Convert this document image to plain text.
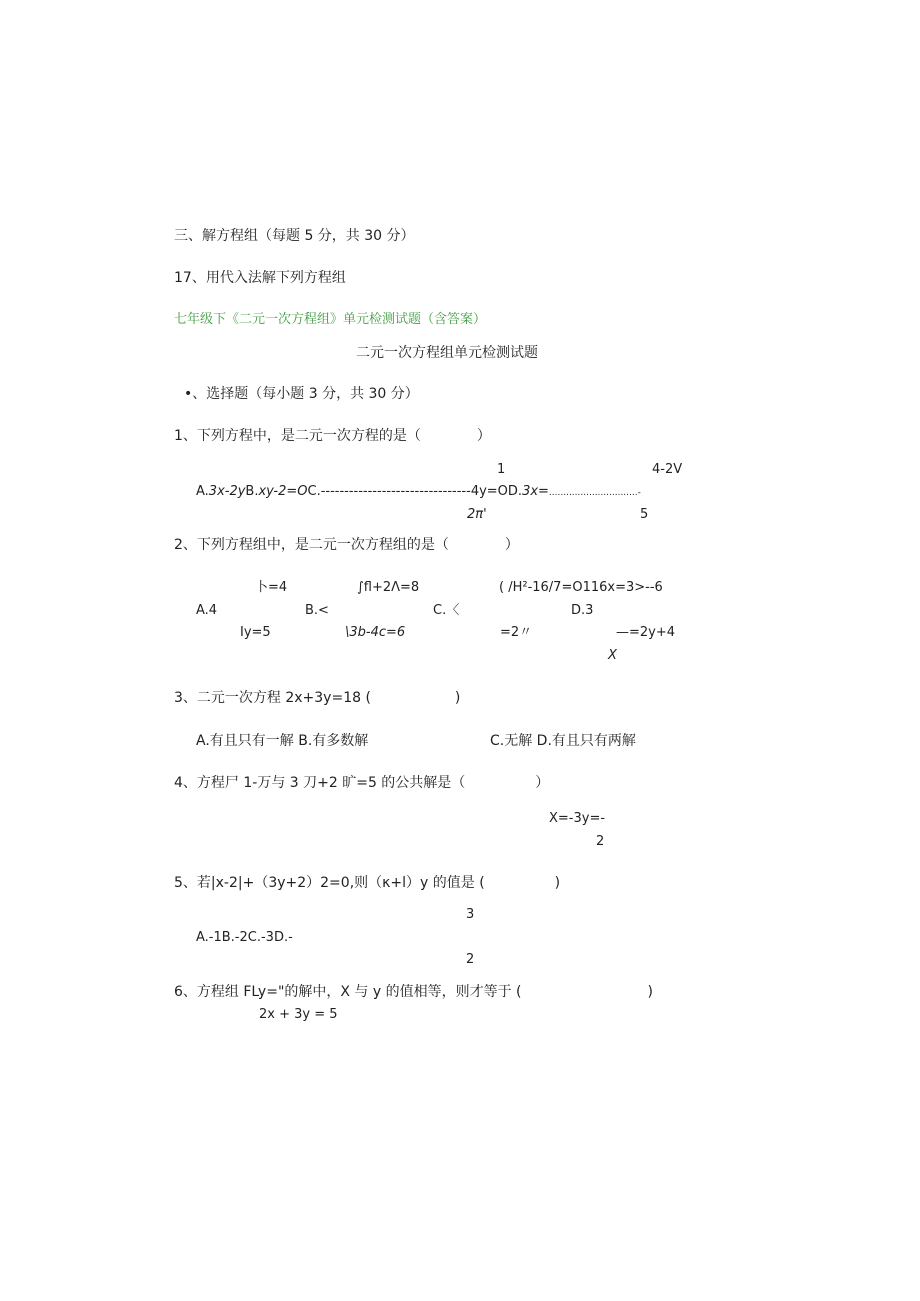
三、解方程组（每题 5 分，共 30 分）
17、用代入法解下列方程组
七年级下《二元一次方程组》单元检测试题（含答案）
二元一次方程组单元检测试题
•、选择题（每小题 3 分，共 30 分）
1、下列方程中，是二元一次方程的是（　　　　）
1	4-2V
A.3x-2yB.xy-2=OC.--------------------------------4y=OD.3x=...............................-
2π'	5
2、下列方程组中，是二元一次方程组的是（　　　　）
卜=4	∫fl+2Λ=8	( /H²-16/7=O116x=3>--6
A.4	B.<	C.〈	D.3
Iy=5	\3b-4c=6	=2〃	—=2y+4
X
3、二元一次方程 2x+3y=18 (　　　　　　)
A.有且只有一解 B.有多数解	C.无解 D.有且只有两解
4、方程尸 1-万与 3 刀+2 旷=5 的公共解是（　　　　　）
X=-3y=-
2
5、若|x-2|+（3y+2）2=0,则（κ+l）y 的值是 (　　　　　)
3
A.-1B.-2C.-3D.-
2
6、方程组 FLy="的解中，X 与 y 的值相等，则才等于 (　　　　　　　　　)
2x + 3y = 5
